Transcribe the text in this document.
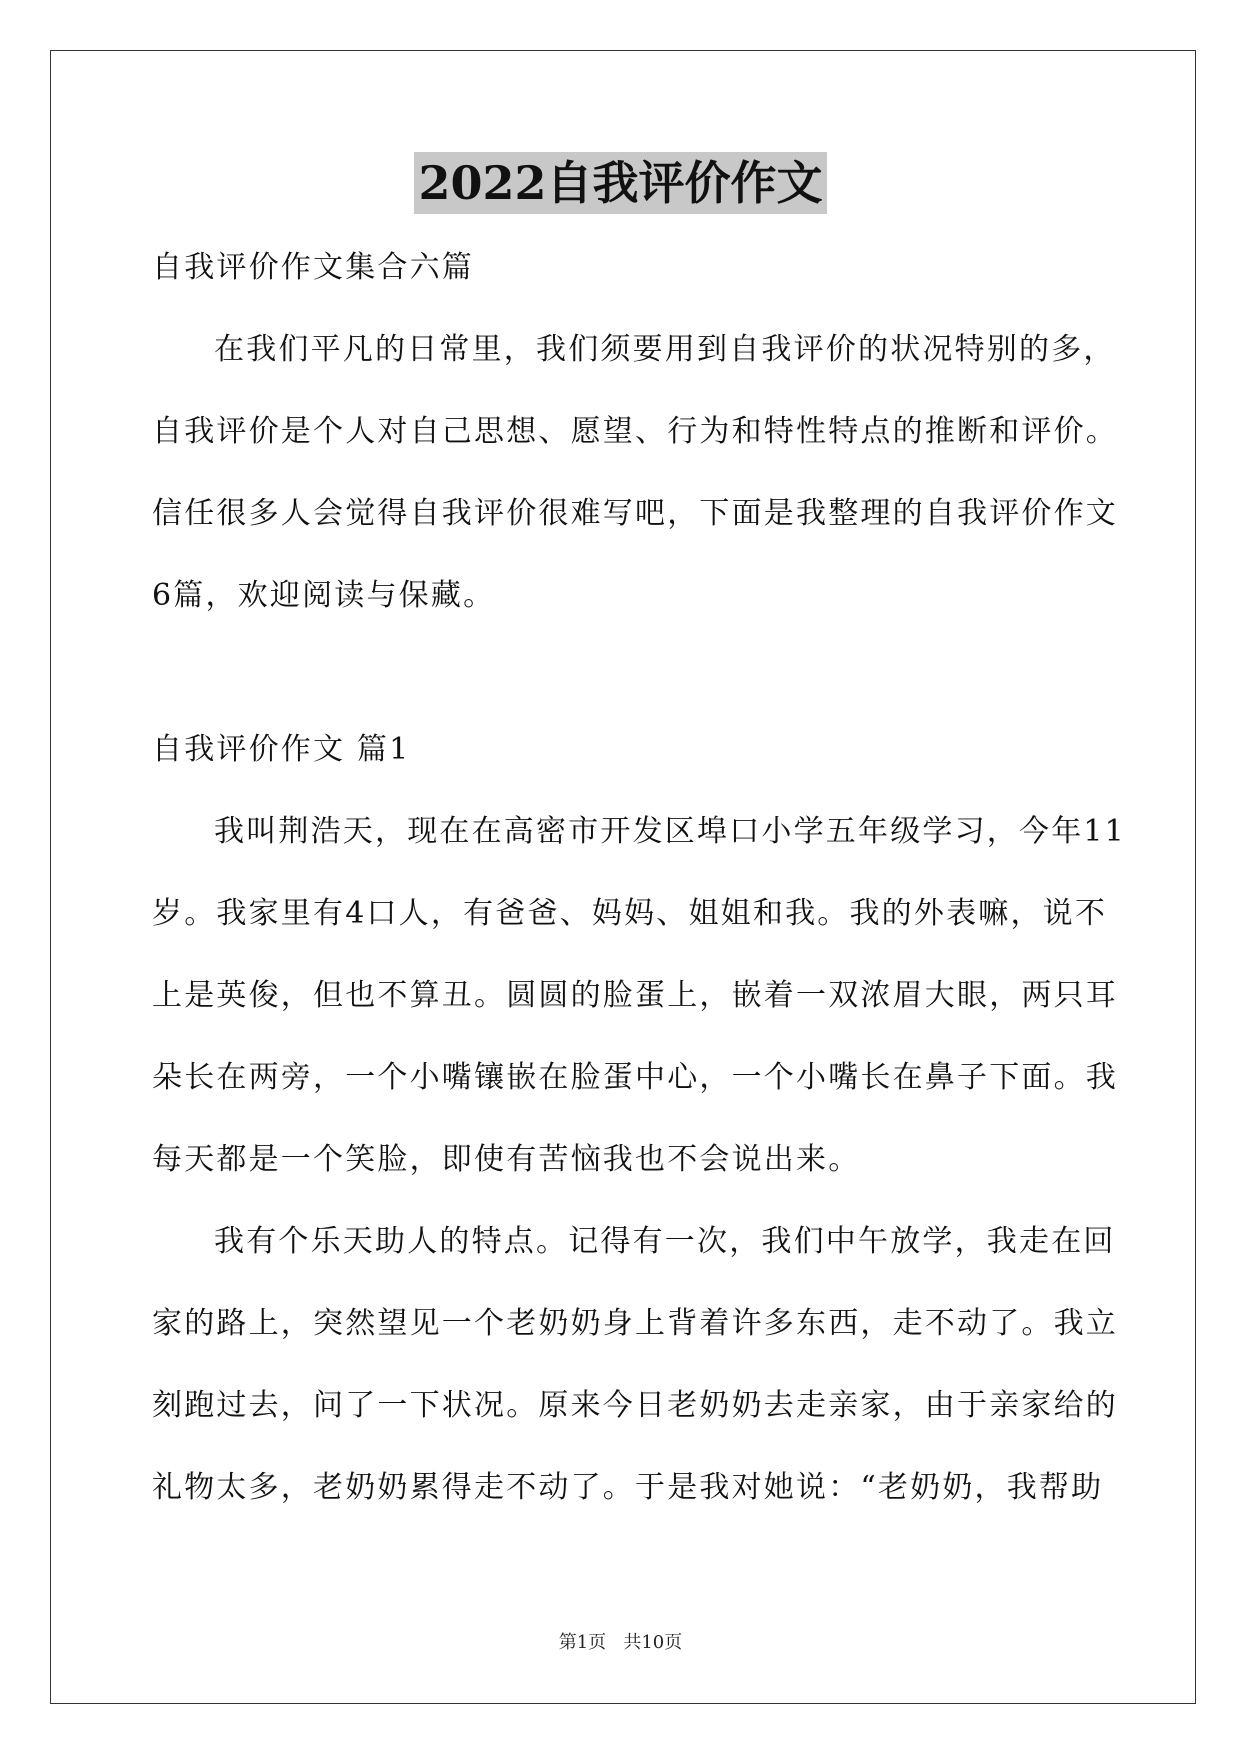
2022自我评价作文
自我评价作文集合六篇
在我们平凡的日常里，我们须要用到自我评价的状况特别的多，
自我评价是个人对自己思想、愿望、行为和特性特点的推断和评价。
信任很多人会觉得自我评价很难写吧，下面是我整理的自我评价作文
6篇，欢迎阅读与保藏。
自我评价作文 篇1
我叫荆浩天，现在在高密市开发区埠口小学五年级学习，今年11
岁。我家里有4口人，有爸爸、妈妈、姐姐和我。我的外表嘛，说不
上是英俊，但也不算丑。圆圆的脸蛋上，嵌着一双浓眉大眼，两只耳
朵长在两旁，一个小嘴镶嵌在脸蛋中心，一个小嘴长在鼻子下面。我
每天都是一个笑脸，即使有苦恼我也不会说出来。
我有个乐天助人的特点。记得有一次，我们中午放学，我走在回
家的路上，突然望见一个老奶奶身上背着许多东西，走不动了。我立
刻跑过去，问了一下状况。原来今日老奶奶去走亲家，由于亲家给的
礼物太多，老奶奶累得走不动了。于是我对她说：“老奶奶，我帮助
第1页   共10页
